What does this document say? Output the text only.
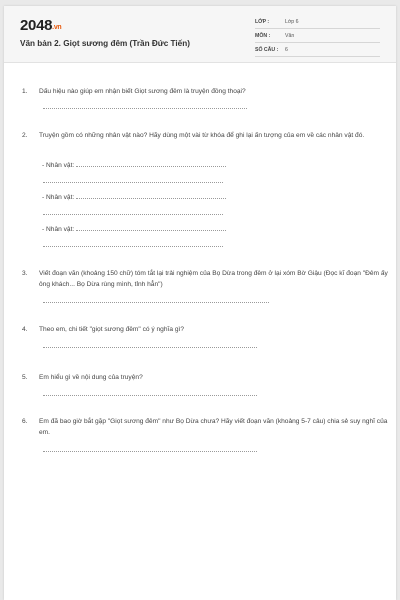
2048.vn
Văn bản 2. Giọt sương đêm (Trần Đức Tiến)
LỚP :	Lớp 6
MÔN :	Văn
SỐ CÂU : 6
1.	Dấu hiệu nào giúp em nhận biết Giọt sương đêm là truyện đồng thoại?
2.	Truyện gồm có những nhân vật nào? Hãy dùng một vài từ khóa để ghi lại ấn tượng của em về các nhân vật đó.
- Nhân vật:
- Nhân vật:
- Nhân vật:
3.	Viết đoạn văn (khoảng 150 chữ) tóm tắt lại trải nghiệm của Bọ Dừa trong đêm ở lại xóm Bờ Giậu (Đọc kĩ đoạn "Đêm ấy ông khách... Bọ Dừa rùng mình, tỉnh hẳn")
4.	Theo em, chi tiết "giọt sương đêm" có ý nghĩa gì?
5.	Em hiểu gì về nội dung của truyện?
6.	Em đã bao giờ bắt gặp "Giọt sương đêm" như Bọ Dừa chưa? Hãy viết đoạn văn (khoảng 5-7 câu) chia sẻ suy nghĩ của em.
